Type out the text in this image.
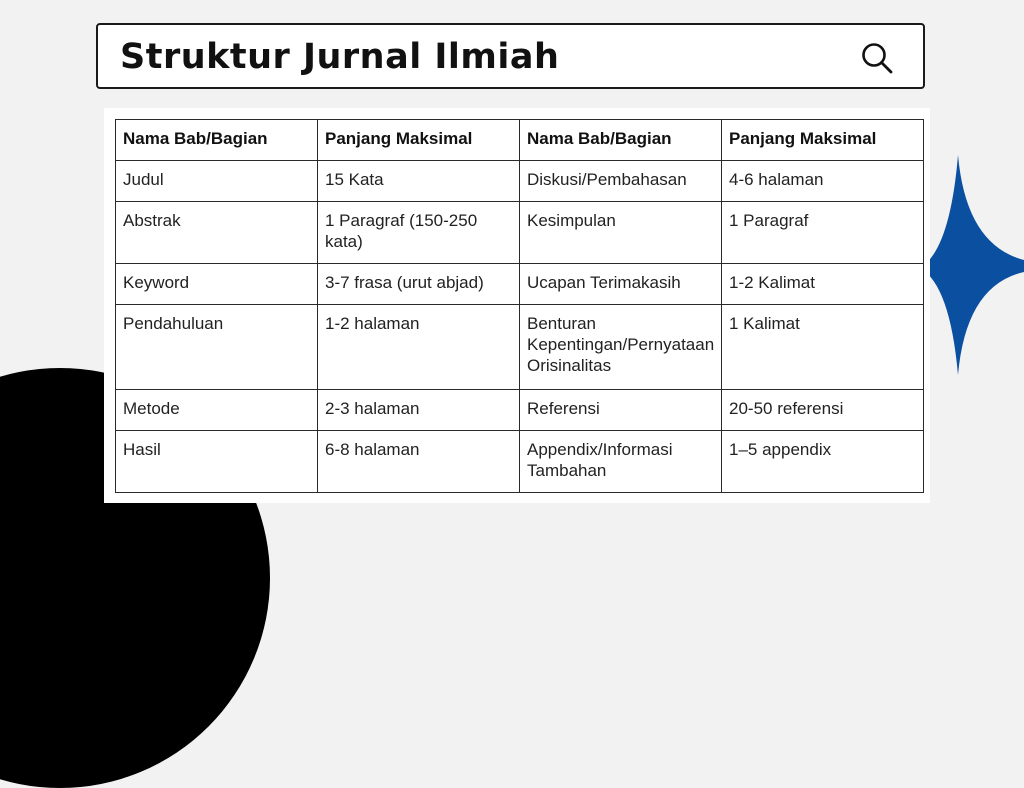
Struktur Jurnal Ilmiah
Nama Bab/Bagian	Panjang Maksimal	Nama Bab/Bagian	Panjang Maksimal
Judul	15 Kata	Diskusi/Pembahasan	4-6 halaman
Abstrak	1 Paragraf (150-250 kata)	Kesimpulan	1 Paragraf
Keyword	3-7 frasa (urut abjad)	Ucapan Terimakasih	1-2 Kalimat
Pendahuluan	1-2 halaman	Benturan Kepentingan/Pernyataan Orisinalitas	1 Kalimat
Metode	2-3 halaman	Referensi	20-50 referensi
Hasil	6-8 halaman	Appendix/Informasi Tambahan	1–5 appendix
